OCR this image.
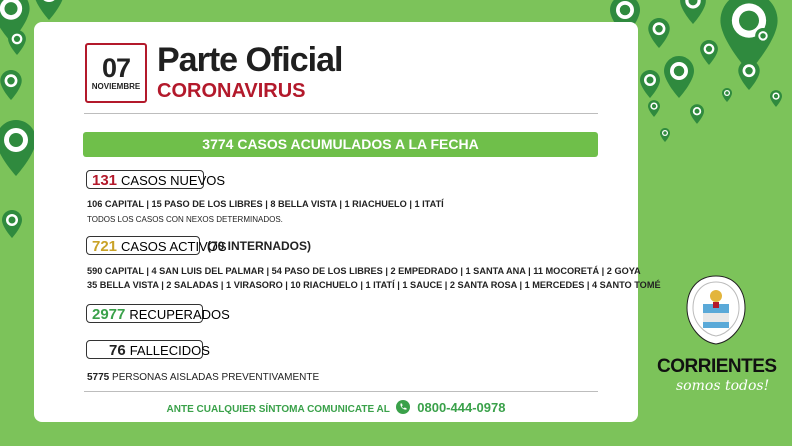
07
NOVIEMBRE
Parte Oficial
CORONAVIRUS
3774 CASOS ACUMULADOS A LA FECHA
131 CASOS NUEVOS
106 CAPITAL | 15 PASO DE LOS LIBRES | 8 BELLA VISTA | 1 RIACHUELO | 1 ITATÍ
TODOS LOS CASOS CON NEXOS DETERMINADOS.
721 CASOS ACTIVOS
(70 INTERNADOS)
590 CAPITAL | 4 SAN LUIS DEL PALMAR | 54 PASO DE LOS LIBRES | 2 EMPEDRADO | 1 SANTA ANA | 11 MOCORETÁ | 2 GOYA
35 BELLA VISTA | 2 SALADAS | 1 VIRASORO | 10 RIACHUELO | 1 ITATÍ | 1 SAUCE | 2 SANTA ROSA | 1 MERCEDES | 4 SANTO TOMÉ
2977 RECUPERADOS
76 FALLECIDOS
5775 PERSONAS AISLADAS PREVENTIVAMENTE
ANTE CUALQUIER SÍNTOMA COMUNICATE AL 0800-444-0978
CORRIENTES
somos todos!
